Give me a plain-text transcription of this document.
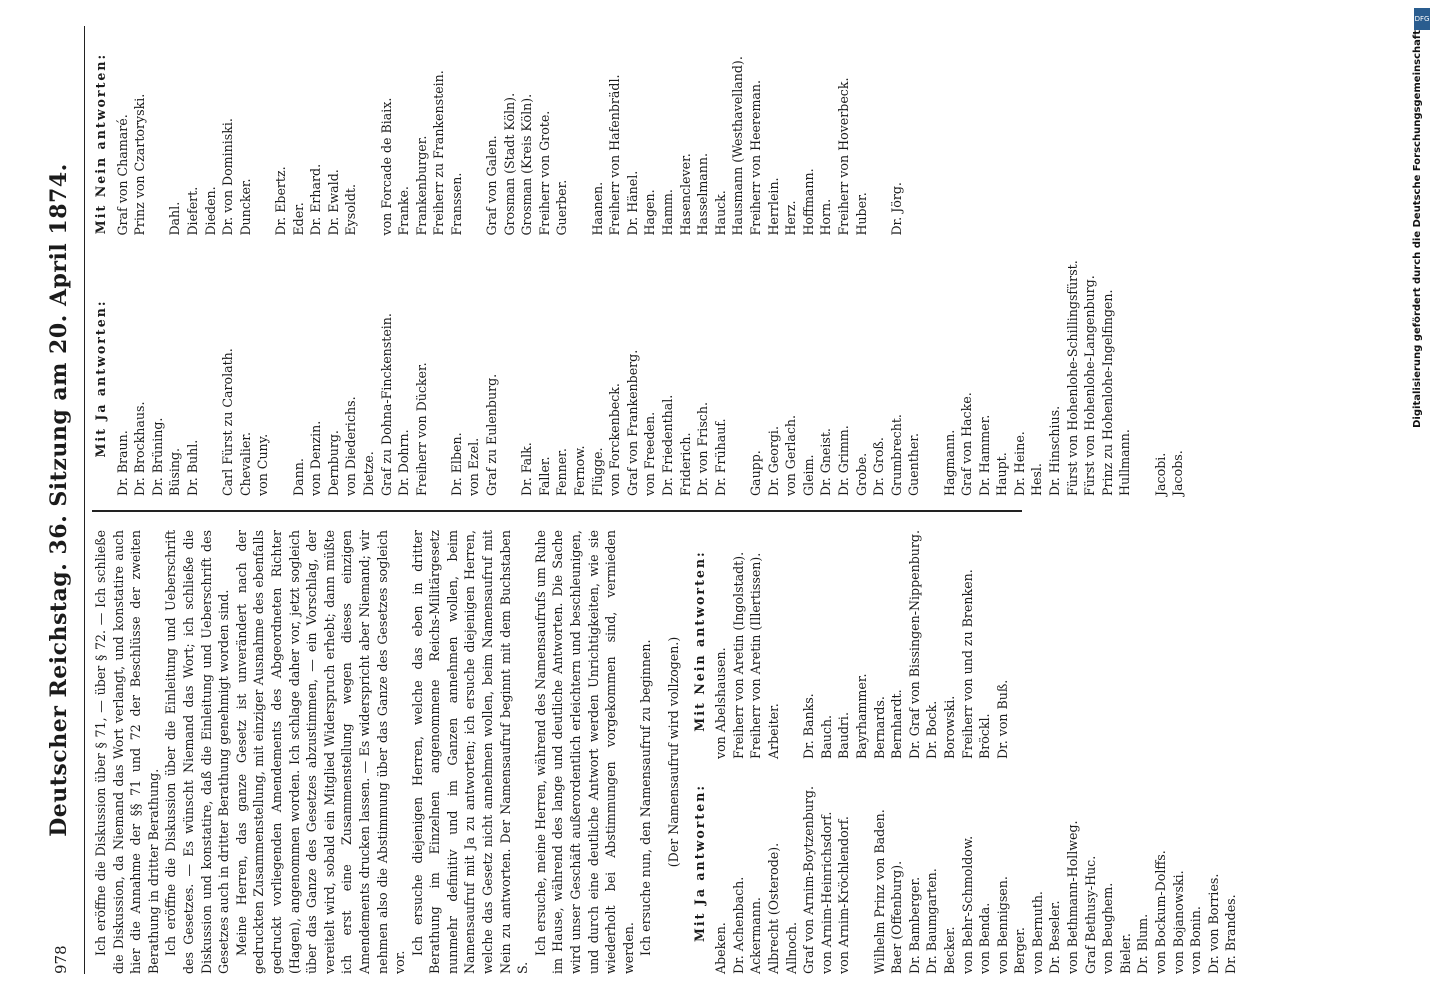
978
Deutscher Reichstag. 36. Sitzung am 20. April 1874. Ich eröffne die Diskussion über § 71, — über § 72. — Ich schließe die Diskussion, da Niemand das Wort verlangt, und konstatire auch hier die Annahme der §§ 71 und 72 der Beschlüsse der zweiten Berathung in dritter Berathung. Ich eröffne die Diskussion über die Einleitung und Ueberschrift des Gesetzes. — Es wünscht Niemand das Wort; ich schließe die Diskussion und konstatire, daß die Einleitung und Ueberschrift des Gesetzes auch in dritter Berathung genehmigt worden sind. Meine Herren, das ganze Gesetz ist unverändert nach der gedruckten Zusammenstellung, mit einziger Ausnahme des ebenfalls gedruckt vorliegenden Amendements des Abgeordneten Richter (Hagen), angenommen worden. Ich schlage daher vor, jetzt sogleich über das Ganze des Gesetzes abzustimmen, — ein Vorschlag, der vereitelt wird, sobald ein Mitglied Widerspruch erhebt; dann müßte ich erst eine Zusammenstellung wegen dieses einzigen Amendements drucken lassen. — Es widerspricht aber Niemand; wir nehmen also die Abstimmung über das Ganze des Gesetzes sogleich vor.

Ich ersuche diejenigen Herren, welche das eben in dritter Berathung im Einzelnen angenommene Reichs-Militärgesetz nunmehr definitiv und im Ganzen annehmen wollen, beim Namensaufruf mit Ja zu antworten; ich ersuche diejenigen Herren, welche das Gesetz nicht annehmen wollen, beim Namensaufruf mit Nein zu antworten. Der Namensaufruf beginnt mit dem Buchstaben S.

Ich ersuche, meine Herren, während des Namensaufrufs um Ruhe im Hause, während des lange und deutliche Antworten. Die Sache wird unser Geschäft außerordentlich erleichtern und beschleunigen, und durch eine deutliche Antwort werden Unrichtigkeiten, wie sie wiederholt bei Abstimmungen vorgekommen sind, vermieden werden. Ich ersuche nun, den Namensaufruf zu beginnen. (Der Namensaufruf wird vollzogen.) Mit Ja antworten:
Mit Nein antworten:
Abeken. Dr. Achenbach. Ackermann. Albrecht (Osterode). Allnoch. Graf von Arnim-Boytzenburg. von Arnim-Heinrichsdorf. von Arnim-Kröchlendorf. Wilhelm Prinz von Baden. Baer (Offenburg). Dr. Bamberger. Dr. Baumgarten. Becker. von Behr-Schmoldow. von Benda. von Bennigsen. Berger. von Bernuth. Dr. Beseler. von Bethmann-Hollweg. Graf Bethusy-Huc. von Beughem. Bieler. Dr. Blum. von Bockum-Dolffs. von Bojanowski. von Bonin. Dr. von Borries. Dr. Brandes.
von Abelshausen. Freiherr von Aretin (Ingolstadt). Freiherr von Aretin (Illertissen). Arbeiter. Dr. Banks. Bauch. Baudri. Bayrhammer. Bernards. Bernhardt. Dr. Graf von Bissingen-Nippenburg. Dr. Bock. Borowski. Freiherr von und zu Brenken. Bröckl. Dr. von Buß.
Mit Ja antworten:
Mit Nein antworten:
Dr. Braun. Dr. Brockhaus. Dr. Brüning. Büsing. Dr. Buhl. Carl Fürst zu Carolath. Chevalier. von Cuny. Dann. von Denzin. Dernburg. von Diederichs. Dietze. Graf zu Dohna-Finckenstein. Dr. Dohrn. Freiherr von Dücker. Dr. Elben. von Ezel. Graf zu Eulenburg. Dr. Falk. Faller. Fenner. Fernow. Flügge. von Forckenbeck. Graf von Frankenberg. von Freeden. Dr. Friedenthal. Friderich. Dr. von Frisch. Dr. Frühauf. Gaupp. Dr. Georgi. von Gerlach. Gleim. Dr. Gneist. Dr. Grimm. Grobe. Dr. Groß. Grumbrecht. Guenther. Hagmann. Graf von Hacke. Dr. Hammer. Haupt. Dr. Heine. Hesl. Dr. Hinschius. Fürst von Hohenlohe-Schillingsfürst. Fürst von Hohenlohe-Langenburg. Prinz zu Hohenlohe-Ingelfingen. Hullmann. Jacobi. Jacobs.
Graf von Chamaré. Prinz von Czartoryski. Dahl. Diefert. Dieden. Dr. von Dominiski. Duncker. Dr. Ebertz. Eder. Dr. Erhard. Dr. Ewald. Eysoldt. von Forcade de Biaix. Franke. Frankenburger. Freiherr zu Frankenstein. Franssen. Graf von Galen. Grosman (Stadt Köln). Grosman (Kreis Köln). Freiherr von Grote. Guerber. Haanen. Freiherr von Hafenbrädl. Dr. Hänel. Hagen. Hamm. Hasenclever. Hasselmann. Hauck. Hausmann (Westhavelland). Freiherr von Heereman. Herrlein. Herz. Hoffmann. Horn. Freiherr von Hoverbeck. Huber. Dr. Jörg.
DFG
Digitalisierung gefördert durch die Deutsche Forschungsgemeinschaft
